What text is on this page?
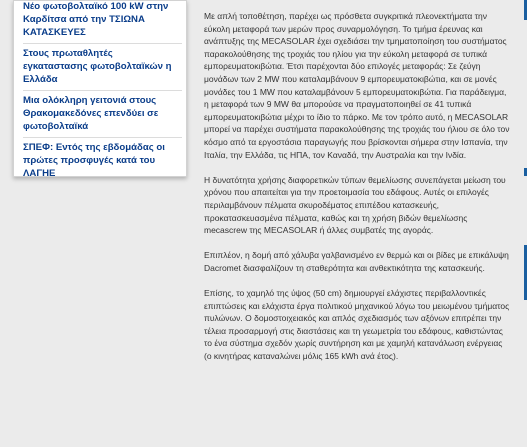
Νέο φωτοβολταϊκό 100 kW στην Καρδίτσα από την ΤΣΙΩΝΑ ΚΑΤΑΣΚΕΥΕΣ
Στους πρωταθλητές εγκαταστασης φωτοβολταϊκών η Ελλάδα
Μια ολόκληρη γειτονιά στους Θρακομακεδόνες επενδύει σε φωτοβολταϊκά
ΣΠΕΦ: Εντός της εβδομάδας οι πρώτες προσφυγές κατά του ΛΑΓΗΕ

Με απλή τοποθέτηση, παρέχει ως πρόσθετα συγκριτικά πλεονεκτήματα την εύκολη μεταφορά των μερών προς συναρμολόγηση. Το τμήμα έρευνας και ανάπτυξης της MECASOLAR έχει σχεδιάσει την τμηματοποίηση του συστήματος παρακολούθησης της τροχιάς του ηλίου για την εύκολη μεταφορά σε τυπικά εμπορευματοκιβώτια. Έτσι παρέχονται δύο επιλογές μεταφοράς: Σε ζεύγη μονάδων των 2 MW που καταλαμβάνουν 9 εμπορευματοκιβώτια, και σε μονές μονάδες του 1 MW που καταλαμβάνουν 5 εμπορευματοκιβώτια. Για παράδειγμα, η μεταφορά των 9 MW θα μπορούσε να πραγματοποιηθεί σε 41 τυπικά εμπορευματοκιβώτια μέχρι το ίδιο το πάρκο. Με τον τρόπο αυτό, η MECASOLAR μπορεί να παρέχει συστήματα παρακολούθησης της τροχιάς του ήλιου σε όλο τον κόσμο από τα εργοστάσια παραγωγής που βρίσκονται σήμερα στην Ισπανία, την Ιταλία, την Ελλάδα, τις ΗΠΑ, τον Καναδά, την Αυστραλία και την Ινδία.

Η δυνατότητα χρήσης διαφορετικών τύπων θεμελίωσης συνεπάγεται μείωση του χρόνου που απαιτείται για την προετοιμασία του εδάφους. Αυτές οι επιλογές περιλαμβάνουν πέλματα σκυροδέματος επιπέδου κατασκευής, προκατασκευασμένα πέλματα, καθώς και τη χρήση βιδών θεμελίωσης mecascrew της MECASOLAR ή άλλες συμβατές της αγοράς.

Επιπλέον, η δομή από χάλυβα γαλβανισμένο εν θερμώ και οι βίδες με επικάλυψη Dacromet διασφαλίζουν τη σταθερότητα και ανθεκτικότητα της κατασκευής.

Επίσης, το χαμηλό της ύψος (50 cm) δημιουργεί ελάχιστες περιβαλλοντικές επιπτώσεις και ελάχιστα έργα πολιτικού μηχανικού λόγω του μειωμένου τμήματος πυλώνων. Ο δομοστοιχειακός και απλός σχεδιασμός των αξόνων επιτρέπει την τέλεια προσαρμογή στις διαστάσεις και τη γεωμετρία του εδάφους, καθιστώντας το ένα σύστημα σχεδόν χωρίς συντήρηση και με χαμηλή κατανάλωση ενέργειας (ο κινητήρας καταναλώνει μόλις 165 kWh ανά έτος).
